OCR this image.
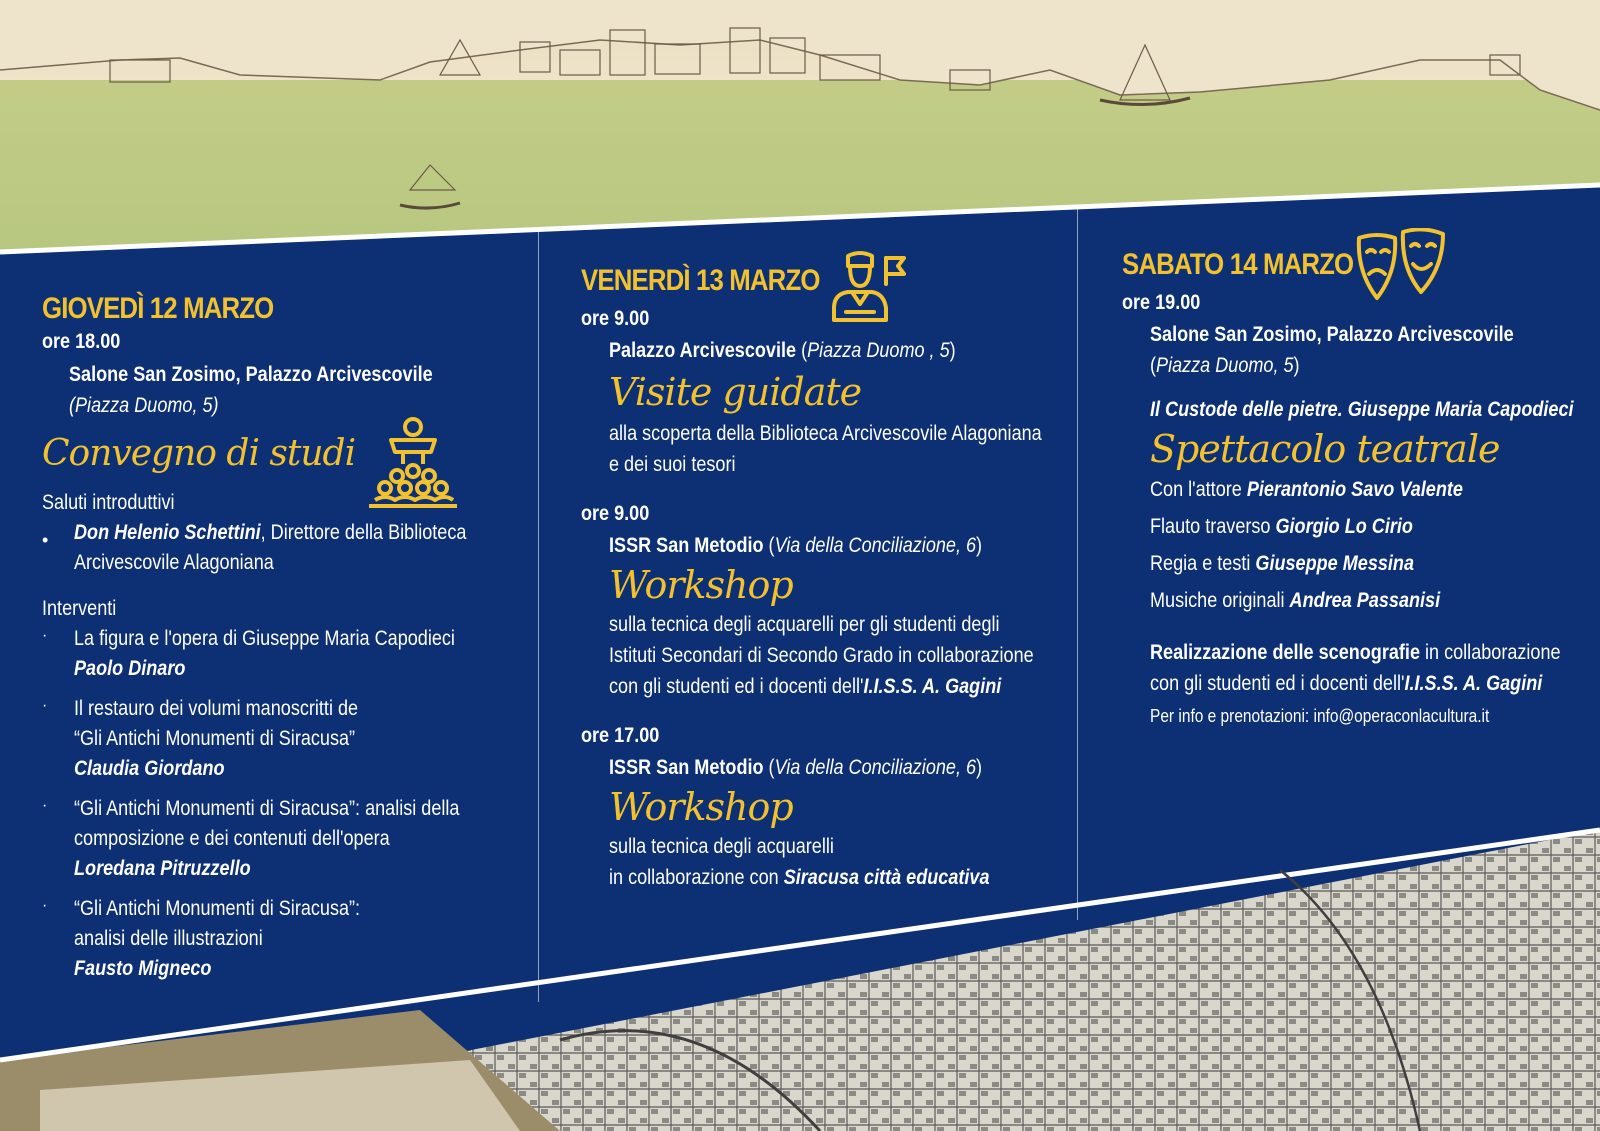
GIOVEDÌ 12 MARZO
ore 18.00
Salone San Zosimo, Palazzo Arcivescovile
(Piazza Duomo, 5)
Convegno di studi
Saluti introduttivi
• Don Helenio Schettini, Direttore della Biblioteca
Arcivescovile Alagoniana
Interventi
· La figura e l'opera di Giuseppe Maria Capodieci
Paolo Dinaro
· Il restauro dei volumi manoscritti de
“Gli Antichi Monumenti di Siracusa”
Claudia Giordano
· “Gli Antichi Monumenti di Siracusa”: analisi della
composizione e dei contenuti dell'opera
Loredana Pitruzzello
· “Gli Antichi Monumenti di Siracusa”:
analisi delle illustrazioni
Fausto Migneco
VENERDÌ 13 MARZO
ore 9.00
Palazzo Arcivescovile (Piazza Duomo , 5)
Visite guidate
alla scoperta della Biblioteca Arcivescovile Alagoniana
e dei suoi tesori
ore 9.00
ISSR San Metodio (Via della Conciliazione, 6)
Workshop
sulla tecnica degli acquarelli per gli studenti degli
Istituti Secondari di Secondo Grado in collaborazione
con gli studenti ed i docenti dell'I.I.S.S. A. Gagini
ore 17.00
ISSR San Metodio (Via della Conciliazione, 6)
Workshop
sulla tecnica degli acquarelli
in collaborazione con Siracusa città educativa
SABATO 14 MARZO
ore 19.00
Salone San Zosimo, Palazzo Arcivescovile
(Piazza Duomo, 5)
Il Custode delle pietre. Giuseppe Maria Capodieci
Spettacolo teatrale
Con l'attore Pierantonio Savo Valente
Flauto traverso Giorgio Lo Cirio
Regia e testi Giuseppe Messina
Musiche originali Andrea Passanisi
Realizzazione delle scenografie in collaborazione
con gli studenti ed i docenti dell'I.I.S.S. A. Gagini
Per info e prenotazioni: info@operaconlacultura.it
